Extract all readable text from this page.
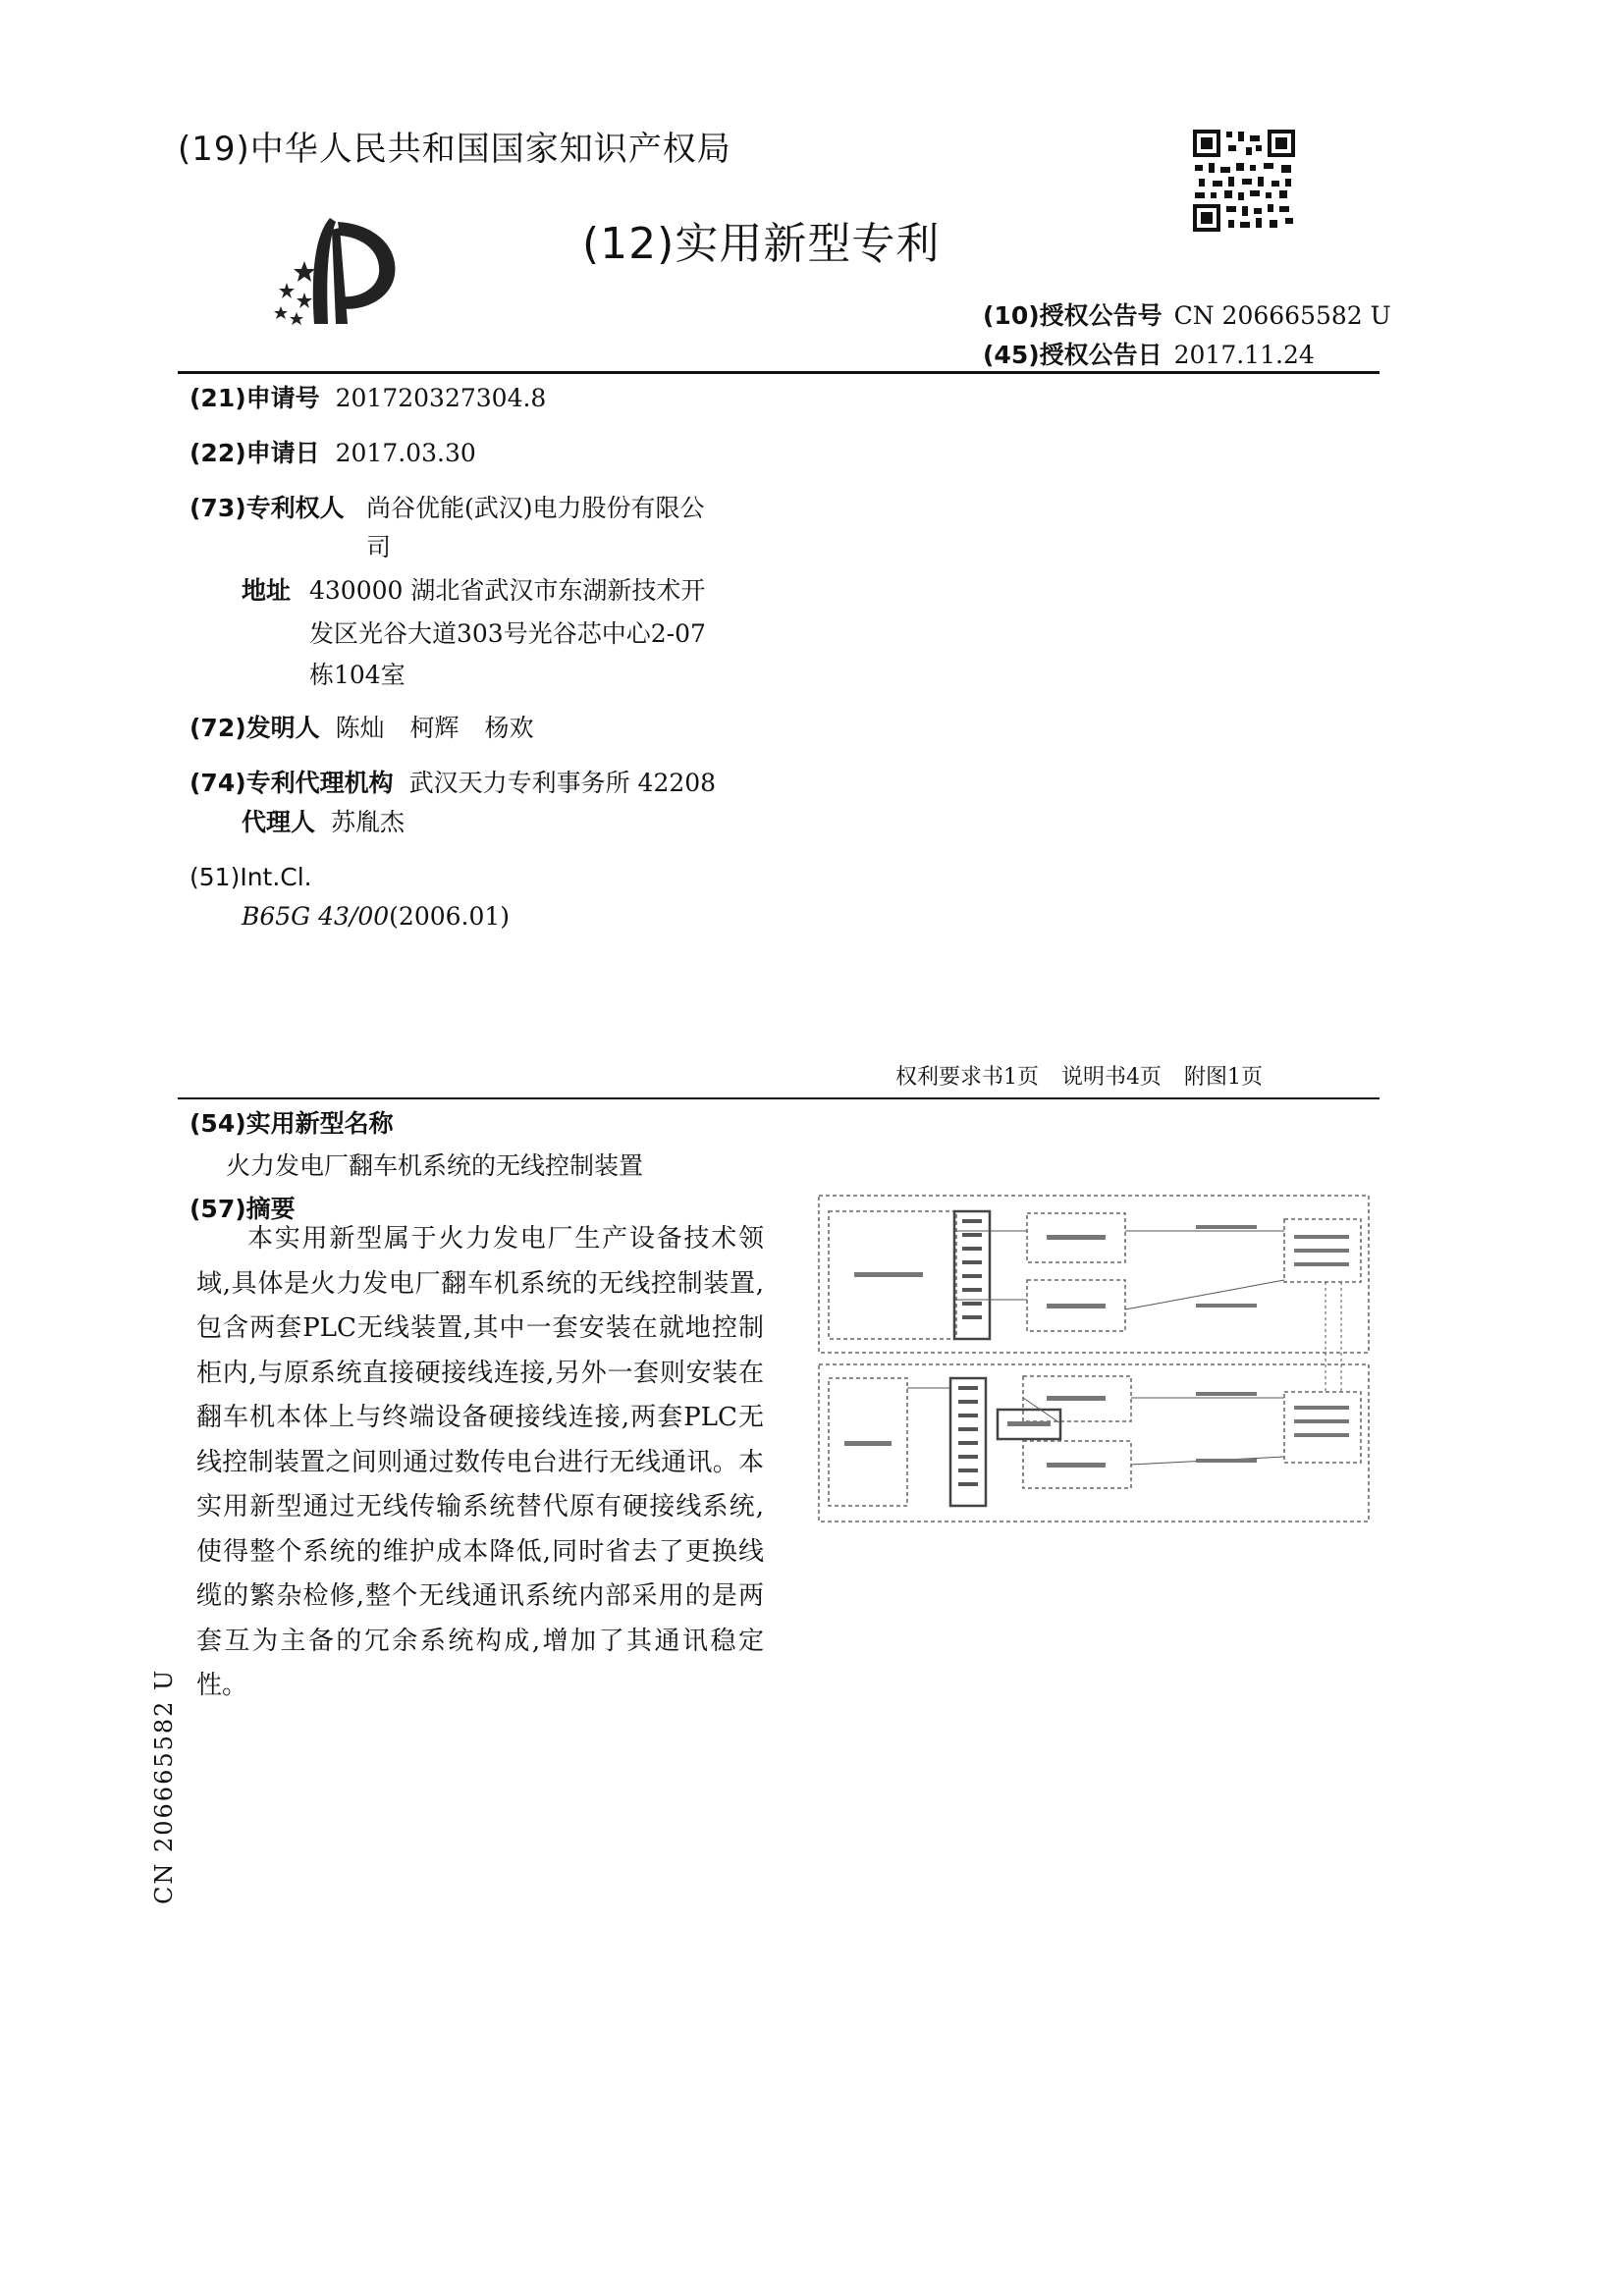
(19)中华人民共和国国家知识产权局
(12)实用新型专利
(10)授权公告号 CN 206665582 U
(45)授权公告日 2017.11.24
(21)申请号 201720327304.8
(22)申请日 2017.03.30
(73)专利权人 尚谷优能(武汉)电力股份有限公
司
地址 430000 湖北省武汉市东湖新技术开
发区光谷大道303号光谷芯中心2-07
栋104室
(72)发明人 陈灿 柯辉 杨欢
(74)专利代理机构 武汉天力专利事务所 42208
代理人 苏胤杰
(51)Int.Cl.
B65G 43/00(2006.01)
权利要求书1页 说明书4页 附图1页
(54)实用新型名称
火力发电厂翻车机系统的无线控制装置
(57)摘要
本实用新型属于火力发电厂生产设备技术领域,具体是火力发电厂翻车机系统的无线控制装置,包含两套PLC无线装置,其中一套安装在就地控制柜内,与原系统直接硬接线连接,另外一套则安装在翻车机本体上与终端设备硬接线连接,两套PLC无线控制装置之间则通过数传电台进行无线通讯。本实用新型通过无线传输系统替代原有硬接线系统,使得整个系统的维护成本降低,同时省去了更换线缆的繁杂检修,整个无线通讯系统内部采用的是两套互为主备的冗余系统构成,增加了其通讯稳定性。
CN 206665582 U
